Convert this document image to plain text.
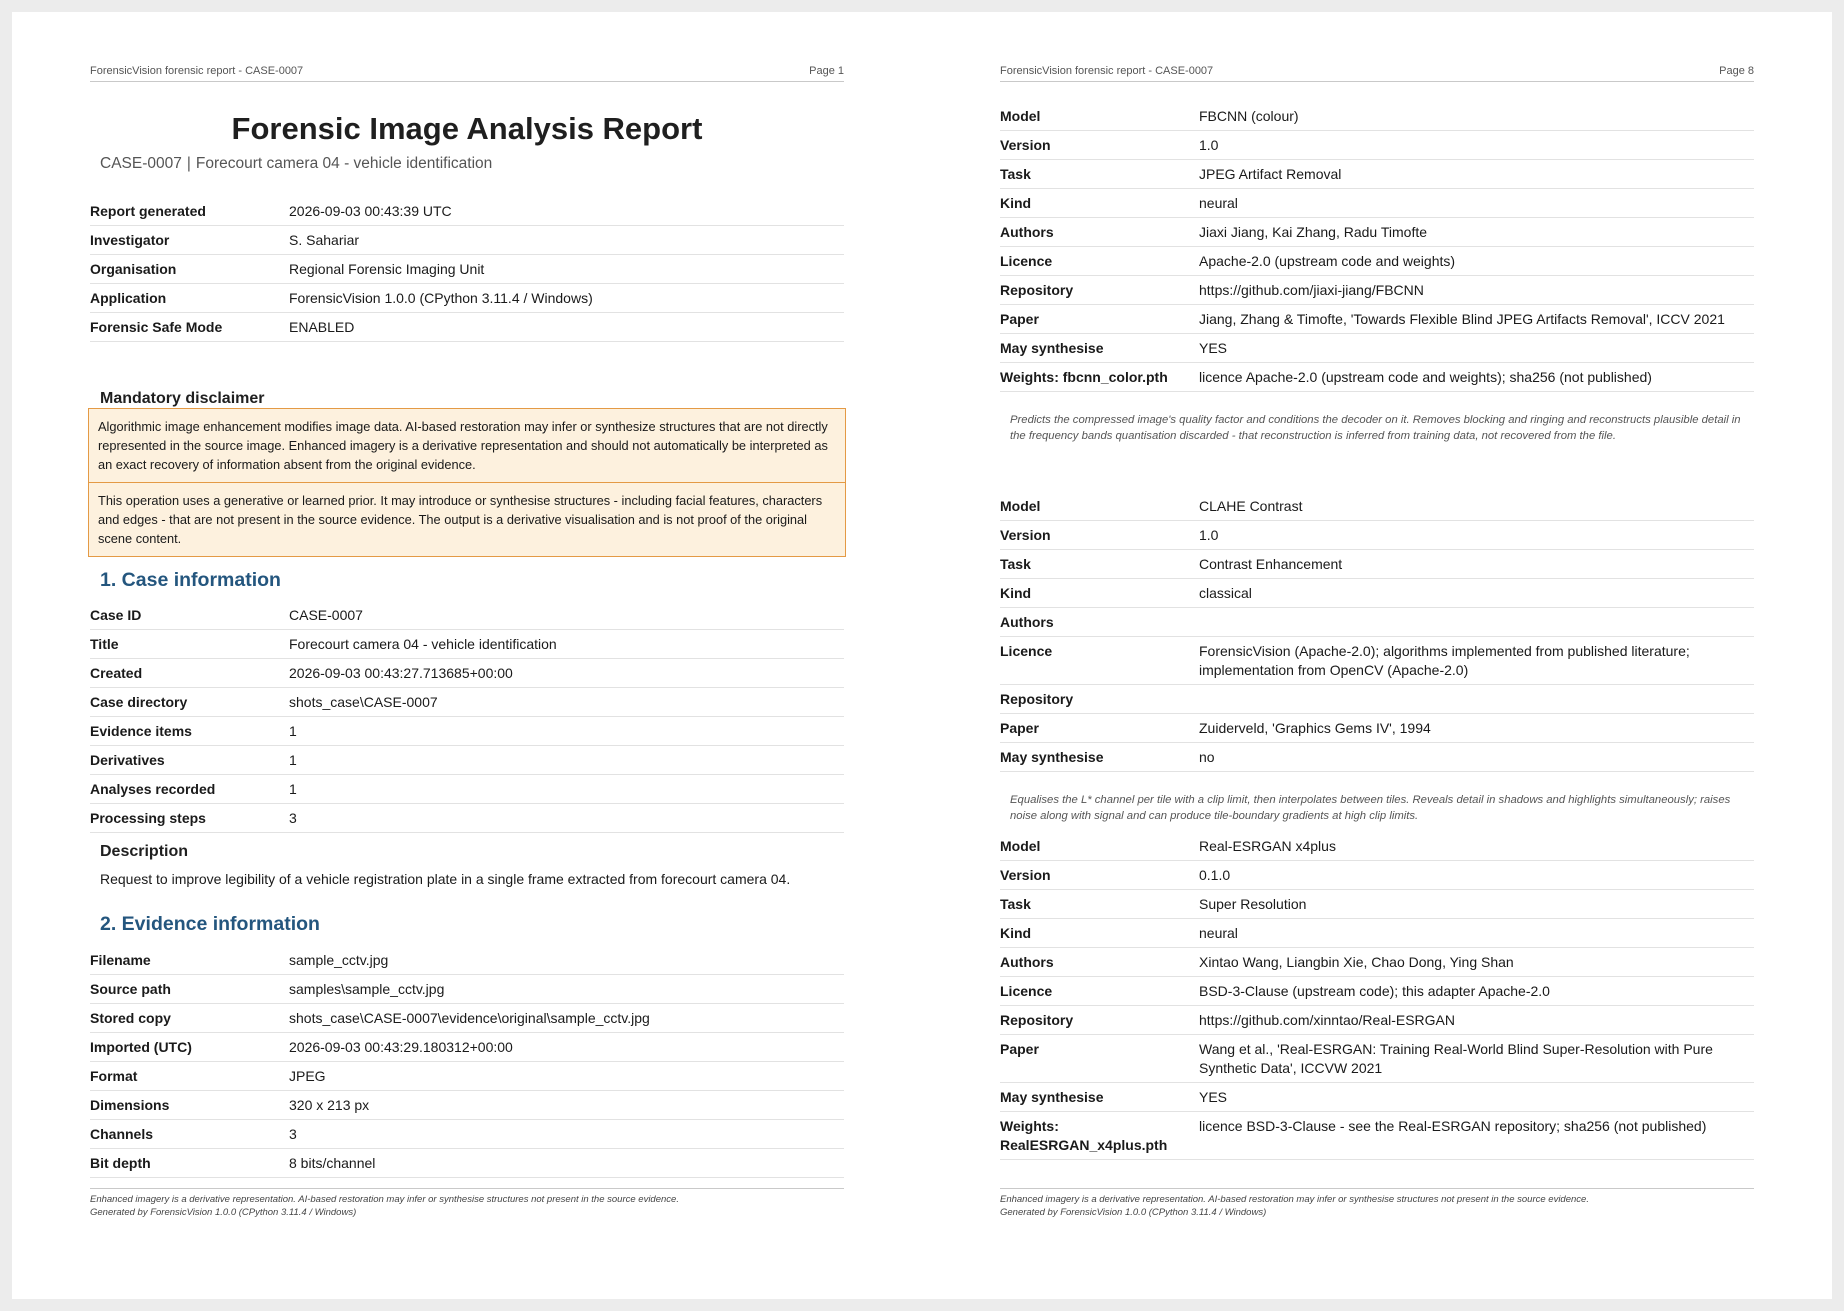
ForensicVision forensic report - CASE-0007	Page 1
Forensic Image Analysis Report
CASE-0007 | Forecourt camera 04 - vehicle identification
Report generated	2026-09-03 00:43:39 UTC
Investigator	S. Sahariar
Organisation	Regional Forensic Imaging Unit
Application	ForensicVision 1.0.0 (CPython 3.11.4 / Windows)
Forensic Safe Mode	ENABLED
Mandatory disclaimer
Algorithmic image enhancement modifies image data. AI-based restoration may infer or synthesize structures that are not directly represented in the source image. Enhanced imagery is a derivative representation and should not automatically be interpreted as an exact recovery of information absent from the original evidence.
This operation uses a generative or learned prior. It may introduce or synthesise structures - including facial features, characters and edges - that are not present in the source evidence. The output is a derivative visualisation and is not proof of the original scene content.
1. Case information
Case ID	CASE-0007
Title	Forecourt camera 04 - vehicle identification
Created	2026-09-03 00:43:27.713685+00:00
Case directory	shots_case\CASE-0007
Evidence items	1
Derivatives	1
Analyses recorded	1
Processing steps	3
Description
Request to improve legibility of a vehicle registration plate in a single frame extracted from forecourt camera 04.
2. Evidence information
Filename	sample_cctv.jpg
Source path	samples\sample_cctv.jpg
Stored copy	shots_case\CASE-0007\evidence\original\sample_cctv.jpg
Imported (UTC)	2026-09-03 00:43:29.180312+00:00
Format	JPEG
Dimensions	320 x 213 px
Channels	3
Bit depth	8 bits/channel
Enhanced imagery is a derivative representation. AI-based restoration may infer or synthesise structures not present in the source evidence.
Generated by ForensicVision 1.0.0 (CPython 3.11.4 / Windows)
ForensicVision forensic report - CASE-0007	Page 8
Model	FBCNN (colour)
Version	1.0
Task	JPEG Artifact Removal
Kind	neural
Authors	Jiaxi Jiang, Kai Zhang, Radu Timofte
Licence	Apache-2.0 (upstream code and weights)
Repository	https://github.com/jiaxi-jiang/FBCNN
Paper	Jiang, Zhang & Timofte, 'Towards Flexible Blind JPEG Artifacts Removal', ICCV 2021
May synthesise	YES
Weights: fbcnn_color.pth	licence Apache-2.0 (upstream code and weights); sha256 (not published)
Predicts the compressed image's quality factor and conditions the decoder on it. Removes blocking and ringing and reconstructs plausible detail in the frequency bands quantisation discarded - that reconstruction is inferred from training data, not recovered from the file.
Model	CLAHE Contrast
Version	1.0
Task	Contrast Enhancement
Kind	classical
Authors	
Licence	ForensicVision (Apache-2.0); algorithms implemented from published literature; implementation from OpenCV (Apache-2.0)
Repository	
Paper	Zuiderveld, 'Graphics Gems IV', 1994
May synthesise	no
Equalises the L* channel per tile with a clip limit, then interpolates between tiles. Reveals detail in shadows and highlights simultaneously; raises noise along with signal and can produce tile-boundary gradients at high clip limits.
Model	Real-ESRGAN x4plus
Version	0.1.0
Task	Super Resolution
Kind	neural
Authors	Xintao Wang, Liangbin Xie, Chao Dong, Ying Shan
Licence	BSD-3-Clause (upstream code); this adapter Apache-2.0
Repository	https://github.com/xinntao/Real-ESRGAN
Paper	Wang et al., 'Real-ESRGAN: Training Real-World Blind Super-Resolution with Pure Synthetic Data', ICCVW 2021
May synthesise	YES
Weights: RealESRGAN_x4plus.pth	licence BSD-3-Clause - see the Real-ESRGAN repository; sha256 (not published)
Enhanced imagery is a derivative representation. AI-based restoration may infer or synthesise structures not present in the source evidence.
Generated by ForensicVision 1.0.0 (CPython 3.11.4 / Windows)
